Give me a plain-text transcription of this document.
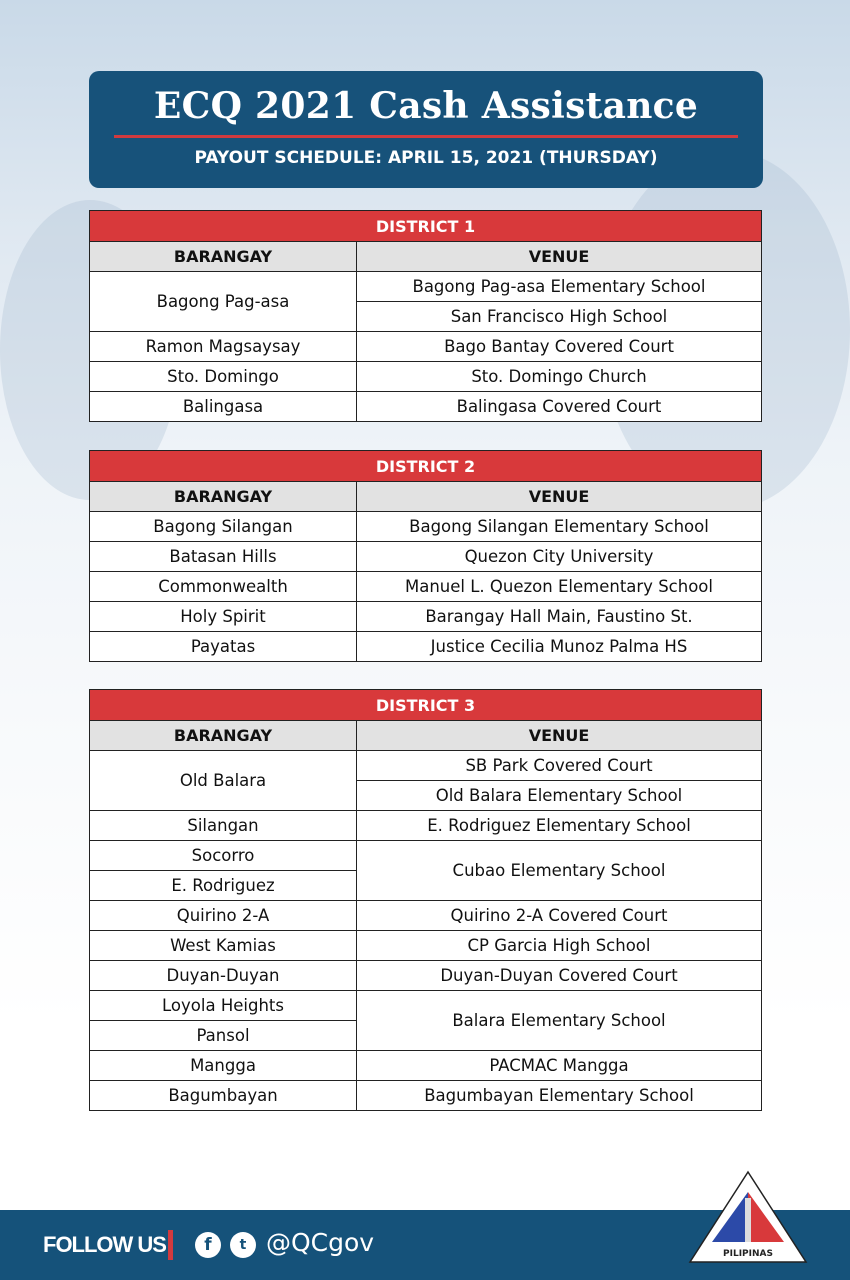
ECQ 2021 Cash Assistance
PAYOUT SCHEDULE: APRIL 15, 2021 (THURSDAY)
DISTRICT 1	
BARANGAY	VENUE
Bagong Pag-asa	Bagong Pag-asa Elementary School
	San Francisco High School
Ramon Magsaysay	Bago Bantay Covered Court
Sto. Domingo	Sto. Domingo Church
Balingasa	Balingasa Covered Court
DISTRICT 2	
BARANGAY	VENUE
Bagong Silangan	Bagong Silangan Elementary School
Batasan Hills	Quezon City University
Commonwealth	Manuel L. Quezon Elementary School
Holy Spirit	Barangay Hall Main, Faustino St.
Payatas	Justice Cecilia Munoz Palma HS
DISTRICT 3	
BARANGAY	VENUE
Old Balara	SB Park Covered Court
	Old Balara Elementary School
Silangan	E. Rodriguez Elementary School
Socorro	Cubao Elementary School
E. Rodriguez	
Quirino 2-A	Quirino 2-A Covered Court
West Kamias	CP Garcia High School
Duyan-Duyan	Duyan-Duyan Covered Court
Loyola Heights	Balara Elementary School
Pansol	
Mangga	PACMAC Mangga
Bagumbayan	Bagumbayan Elementary School
FOLLOW US	f	t @QCgov	PILIPINAS
